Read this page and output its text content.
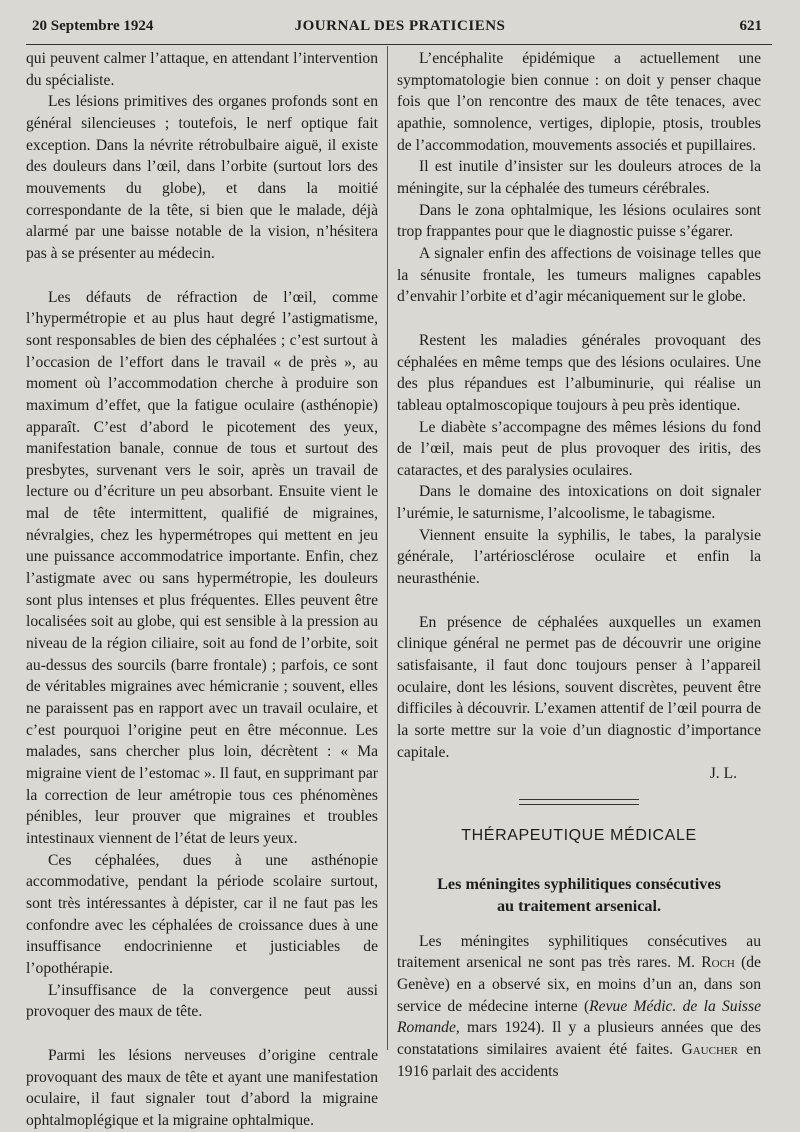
20 Septembre 1924	JOURNAL DES PRATICIENS	621

qui peuvent calmer l’attaque, en attendant l’intervention du spécialiste.

Les lésions primitives des organes profonds sont en général silencieuses ; toutefois, le nerf optique fait exception. Dans la névrite rétrobulbaire aiguë, il existe des douleurs dans l’œil, dans l’orbite (surtout lors des mouvements du globe), et dans la moitié correspondante de la tête, si bien que le malade, déjà alarmé par une baisse notable de la vision, n’hésitera pas à se présenter au médecin.

Les défauts de réfraction de l’œil, comme l’hypermétropie et au plus haut degré l’astigmatisme, sont responsables de bien des céphalées ; c’est surtout à l’occasion de l’effort dans le travail « de près », au moment où l’accommodation cherche à produire son maximum d’effet, que la fatigue oculaire (asthénopie) apparaît. C’est d’abord le picotement des yeux, manifestation banale, connue de tous et surtout des presbytes, survenant vers le soir, après un travail de lecture ou d’écriture un peu absorbant. Ensuite vient le mal de tête intermittent, qualifié de migraines, névralgies, chez les hypermétropes qui mettent en jeu une puissance accommodatrice importante. Enfin, chez l’astigmate avec ou sans hypermétropie, les douleurs sont plus intenses et plus fréquentes. Elles peuvent être localisées soit au globe, qui est sensible à la pression au niveau de la région ciliaire, soit au fond de l’orbite, soit au-dessus des sourcils (barre frontale) ; parfois, ce sont de véritables migraines avec hémicranie ; souvent, elles ne paraissent pas en rapport avec un travail oculaire, et c’est pourquoi l’origine peut en être méconnue. Les malades, sans chercher plus loin, décrètent : « Ma migraine vient de l’estomac ». Il faut, en supprimant par la correction de leur amétropie tous ces phénomènes pénibles, leur prouver que migraines et troubles intestinaux viennent de l’état de leurs yeux.

Ces céphalées, dues à une asthénopie accommodative, pendant la période scolaire surtout, sont très intéressantes à dépister, car il ne faut pas les confondre avec les céphalées de croissance dues à une insuffisance endocrinienne et justiciables de l’opothérapie.

L’insuffisance de la convergence peut aussi provoquer des maux de tête.

Parmi les lésions nerveuses d’origine centrale provoquant des maux de tête et ayant une manifestation oculaire, il faut signaler tout d’abord la migraine ophtalmoplégique et la migraine ophtalmique.

L’encéphalite épidémique a actuellement une symptomatologie bien connue : on doit y penser chaque fois que l’on rencontre des maux de tête tenaces, avec apathie, somnolence, vertiges, diplopie, ptosis, troubles de l’accommodation, mouvements associés et pupillaires.

Il est inutile d’insister sur les douleurs atroces de la méningite, sur la céphalée des tumeurs cérébrales.

Dans le zona ophtalmique, les lésions oculaires sont trop frappantes pour que le diagnostic puisse s’égarer.

A signaler enfin des affections de voisinage telles que la sénusite frontale, les tumeurs malignes capables d’envahir l’orbite et d’agir mécaniquement sur le globe.

Restent les maladies générales provoquant des céphalées en même temps que des lésions oculaires. Une des plus répandues est l’albuminurie, qui réalise un tableau optalmoscopique toujours à peu près identique.

Le diabète s’accompagne des mêmes lésions du fond de l’œil, mais peut de plus provoquer des iritis, des cataractes, et des paralysies oculaires.

Dans le domaine des intoxications on doit signaler l’urémie, le saturnisme, l’alcoolisme, le tabagisme.

Viennent ensuite la syphilis, le tabes, la paralysie générale, l’artériosclérose oculaire et enfin la neurasthénie.

En présence de céphalées auxquelles un examen clinique général ne permet pas de découvrir une origine satisfaisante, il faut donc toujours penser à l’appareil oculaire, dont les lésions, souvent discrètes, peuvent être difficiles à découvrir. L’examen attentif de l’œil pourra de la sorte mettre sur la voie d’un diagnostic d’importance capitale.

J. L.
THÉRAPEUTIQUE MÉDICALE
Les méningites syphilitiques consécutives
au traitement arsenical.

Les méningites syphilitiques consécutives au traitement arsenical ne sont pas très rares. M. Roch (de Genève) en a observé six, en moins d’un an, dans son service de médecine interne (Revue Médic. de la Suisse Romande, mars 1924). Il y a plusieurs années que des constatations similaires avaient été faites. Gaucher en 1916 parlait des accidents
